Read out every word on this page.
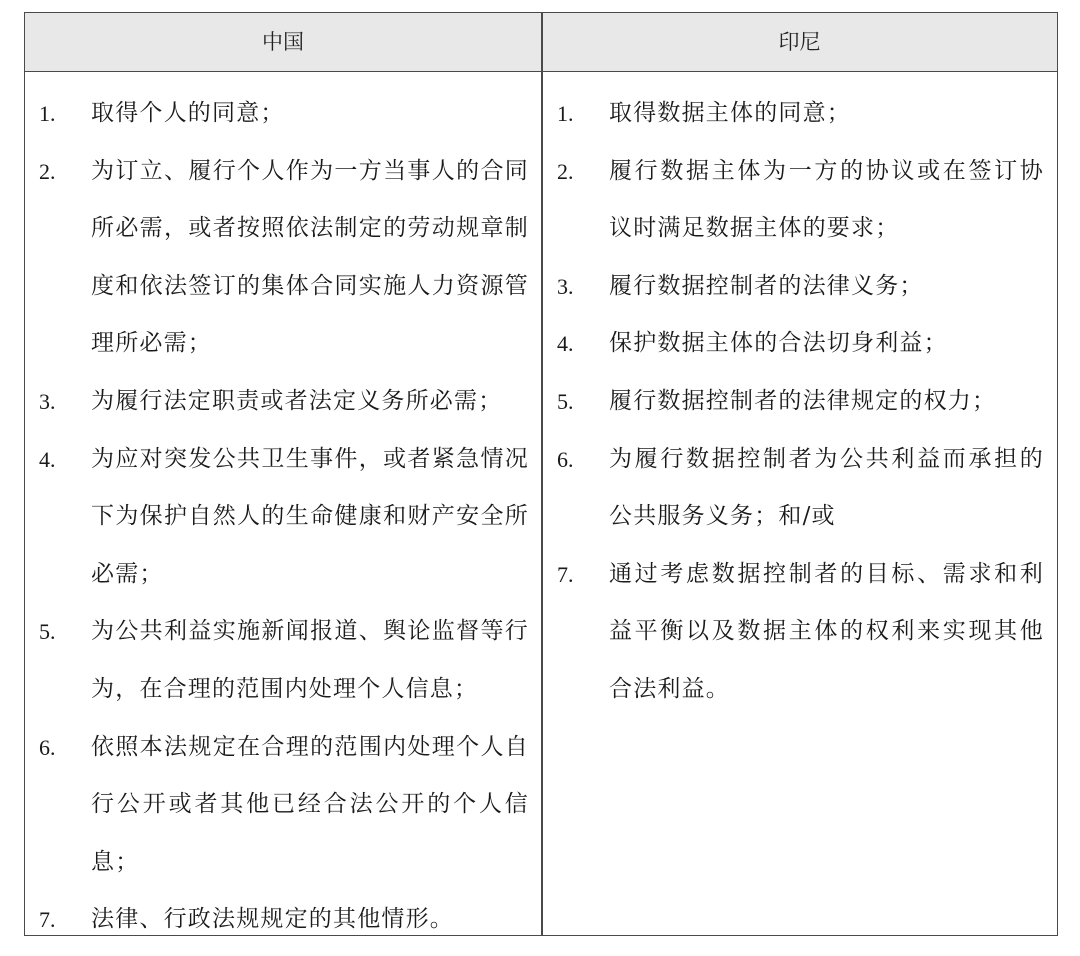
中国	印尼
1. 取得个人的同意；
2. 为订立、履行个人作为一方当事人的合同所必需，或者按照依法制定的劳动规章制度和依法签订的集体合同实施人力资源管理所必需；
3. 为履行法定职责或者法定义务所必需；
4. 为应对突发公共卫生事件，或者紧急情况下为保护自然人的生命健康和财产安全所必需；
5. 为公共利益实施新闻报道、舆论监督等行为，在合理的范围内处理个人信息；
6. 依照本法规定在合理的范围内处理个人自行公开或者其他已经合法公开的个人信息；
7. 法律、行政法规规定的其他情形。
1. 取得数据主体的同意；
2. 履行数据主体为一方的协议或在签订协议时满足数据主体的要求；
3. 履行数据控制者的法律义务；
4. 保护数据主体的合法切身利益；
5. 履行数据控制者的法律规定的权力；
6. 为履行数据控制者为公共利益而承担的公共服务义务；和/或
7. 通过考虑数据控制者的目标、需求和利益平衡以及数据主体的权利来实现其他合法利益。
